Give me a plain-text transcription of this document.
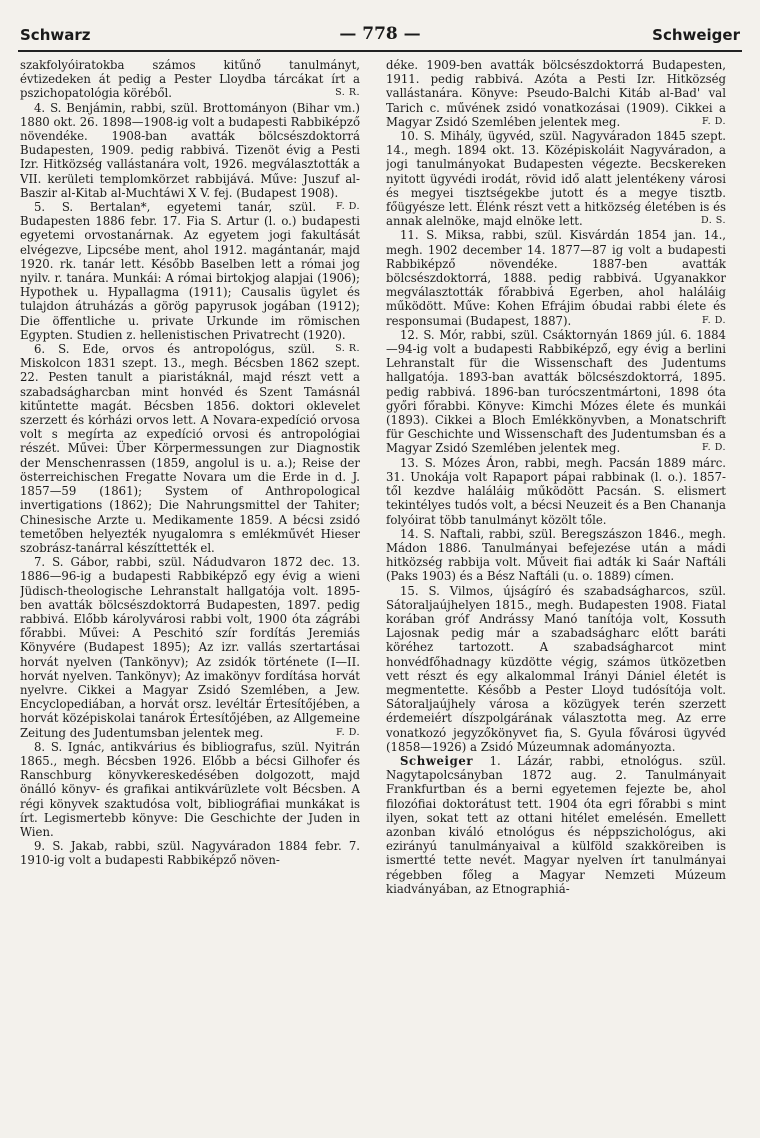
Schwarz	— 778 —	Schweiger

szakfolyóiratokba számos kitűnő tanulmányt, évtizedeken át pedig a Pester Lloydba tárcákat írt a pszichopatológia köréből.	S. R.

4. S. Benjámin, rabbi, szül. Brottományon (Bihar vm.) 1880 okt. 26. 1898—1908-ig volt a budapesti Rabbiképző növendéke. 1908-ban avatták bölcsészdoktorrá Budapesten, 1909. pedig rabbivá. Tizenöt évig a Pesti Izr. Hitközség vallástanára volt, 1926. megválasztották a VII. kerületi templomkörzet rabbijává. Műve: Juszuf al-Baszir al-Kitab al-Muchtáwi X V. fej. (Budapest 1908).
F. D.

5. S. Bertalan*, egyetemi tanár, szül. Budapesten 1886 febr. 17. Fia S. Artur (l. o.) budapesti egyetemi orvostanárnak. Az egyetem jogi fakultását elvégezve, Lipcsébe ment, ahol 1912. magántanár, majd 1920. rk. tanár lett. Később Baselben lett a római jog nyilv. r. tanára. Munkái: A római birtokjog alapjai (1906); Hypothek u. Hypallagma (1911); Causalis ügylet és tulajdon átruházás a görög papyrusok jogában (1912); Die öffentliche u. private Urkunde im römischen Egypten. Studien z. hellenistischen Privatrecht (1920).
S. R.

6. S. Ede, orvos és antropológus, szül. Miskolcon 1831 szept. 13., megh. Bécsben 1862 szept. 22. Pesten tanult a piaristáknál, majd részt vett a szabadságharcban mint honvéd és Szent Tamásnál kitűntette magát. Bécsben 1856. doktori oklevelet szerzett és kórházi orvos lett. A Novara-expedíció orvosa volt s megírta az expedíció orvosi és antropológiai részét. Művei: Über Körpermessungen zur Diagnostik der Menschenrassen (1859, angolul is u. a.); Reise der österreichischen Fregatte Novara um die Erde in d. J. 1857—59 (1861); System of Anthropological invertigations (1862); Die Nahrungsmittel der Tahiter; Chinesische Arzte u. Medikamente 1859. A bécsi zsidó temetőben helyezték nyugalomra s emlékművét Hieser szobrász-tanárral készíttették el.

7. S. Gábor, rabbi, szül. Nádudvaron 1872 dec. 13. 1886—96-ig a budapesti Rabbiképző egy évig a wieni Jüdisch-theologische Lehranstalt hallgatója volt. 1895-ben avatták bölcsészdoktorrá Budapesten, 1897. pedig rabbivá. Előbb károlyvárosi rabbi volt, 1900 óta zágrábi főrabbi. Művei: A Peschitó szír fordítás Jeremiás Könyvére (Budapest 1895); Az izr. vallás szertartásai horvát nyelven (Tankönyv); Az zsidók története (I—II. horvát nyelven. Tankönyv); Az imakönyv fordítása horvát nyelvre. Cikkei a Magyar Zsidó Szemlében, a Jew. Encyclopediában, a horvát orsz. levéltár Értesítőjében, a horvát középiskolai tanárok Értesítőjében, az Allgemeine Zeitung des Judentumsban jelentek meg.	F. D.

8. S. Ignác, antikvárius és bibliografus, szül. Nyitrán 1865., megh. Bécsben 1926. Előbb a bécsi Gilhofer és Ranschburg könyvkereskedésében dolgozott, majd önálló könyv- és grafikai antikvárüzlete volt Bécsben. A régi könyvek szaktudósa volt, bibliográfiai munkákat is írt. Legismertebb könyve: Die Geschichte der Juden in Wien.

9. S. Jakab, rabbi, szül. Nagyváradon 1884 febr. 7. 1910-ig volt a budapesti Rabbiképző növen-

déke. 1909-ben avatták bölcsészdoktorrá Budapesten, 1911. pedig rabbivá. Azóta a Pesti Izr. Hitközség vallástanára. Könyve: Pseudo-Balchi Kitáb al-Bad' val Tarich c. művének zsidó vonatkozásai (1909). Cikkei a Magyar Zsidó Szemlében jelentek meg.	F. D.

10. S. Mihály, ügyvéd, szül. Nagyváradon 1845 szept. 14., megh. 1894 okt. 13. Középiskoláit Nagyváradon, a jogi tanulmányokat Budapesten végezte. Becskereken nyitott ügyvédi irodát, rövid idő alatt jelentékeny városi és megyei tisztségekbe jutott és a megye tisztb. főügyésze lett. Élénk részt vett a hitközség életében is és annak alelnöke, majd elnöke lett.	D. S.

11. S. Miksa, rabbi, szül. Kisvárdán 1854 jan. 14., megh. 1902 december 14. 1877—87 ig volt a budapesti Rabbiképző növendéke. 1887-ben avatták bölcsészdoktorrá, 1888. pedig rabbivá. Ugyanakkor megválasztották főrabbivá Egerben, ahol haláláig működött. Műve: Kohen Efrájim óbudai rabbi élete és responsumai (Budapest, 1887).	F. D.

12. S. Mór, rabbi, szül. Csáktornyán 1869 júl. 6. 1884—94-ig volt a budapesti Rabbiképző, egy évig a berlini Lehranstalt für die Wissenschaft des Judentums hallgatója. 1893-ban avatták bölcsészdoktorrá, 1895. pedig rabbivá. 1896-ban turócszentmártoni, 1898 óta győri főrabbi. Könyve: Kimchi Mózes élete és munkái (1893). Cikkei a Bloch Emlékkönyvben, a Monatschrift für Geschichte und Wissenschaft des Judentumsban és a Magyar Zsidó Szemlében jelentek meg.	F. D.

13. S. Mózes Áron, rabbi, megh. Pacsán 1889 márc. 31. Unokája volt Rapaport pápai rabbinak (l. o.). 1857-től kezdve haláláig működött Pacsán. S. elismert tekintélyes tudós volt, a bécsi Neuzeit és a Ben Chananja folyóirat több tanulmányt közölt tőle.

14. S. Naftali, rabbi, szül. Beregszászon 1846., megh. Mádon 1886. Tanulmányai befejezése után a mádi hitközség rabbija volt. Műveit fiai adták ki Saár Naftáli (Paks 1903) és a Bész Naftáli (u. o. 1889) címen.

15. S. Vilmos, újságíró és szabadságharcos, szül. Sátoraljaújhelyen 1815., megh. Budapesten 1908. Fiatal korában gróf Andrássy Manó tanítója volt, Kossuth Lajosnak pedig már a szabadságharc előtt baráti köréhez tartozott. A szabadságharcot mint honvédfőhadnagy küzdötte végig, számos ütközetben vett részt és egy alkalommal Irányi Dániel életét is megmentette. Később a Pester Lloyd tudósítója volt. Sátoraljaújhely városa a közügyek terén szerzett érdemeiért díszpolgárának választotta meg. Az erre vonatkozó jegyzőkönyvet fia, S. Gyula fővárosi ügyvéd (1858—1926) a Zsidó Múzeumnak adományozta.

Schweiger 1. Lázár, rabbi, etnológus. szül. Nagytapolcsányban 1872 aug. 2. Tanulmányait Frankfurtban és a berni egyetemen fejezte be, ahol filozófiai doktorátust tett. 1904 óta egri főrabbi s mint ilyen, sokat tett az ottani hitélet emelésén. Emellett azonban kiváló etnológus és néppszichológus, aki ezirányú tanulmányaival a külföld szakköreiben is ismertté tette nevét. Magyar nyelven írt tanulmányai régebben főleg a Magyar Nemzeti Múzeum kiadványában, az Etnographiá-
